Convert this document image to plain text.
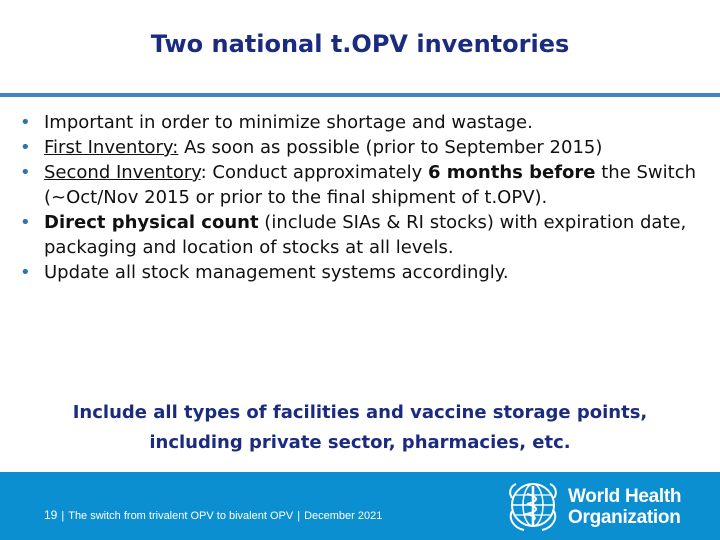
Two national t.OPV inventories
• Important in order to minimize shortage and wastage.
• First Inventory: As soon as possible (prior to September 2015)
• Second Inventory: Conduct approximately 6 months before the Switch (~Oct/Nov 2015 or prior to the final shipment of t.OPV).
• Direct physical count (include SIAs & RI stocks) with expiration date, packaging and location of stocks at all levels.
• Update all stock management systems accordingly.
Include all types of facilities and vaccine storage points,
including private sector, pharmacies, etc.
19 | The switch from trivalent OPV to bivalent OPV | December 2021
World Health
Organization
